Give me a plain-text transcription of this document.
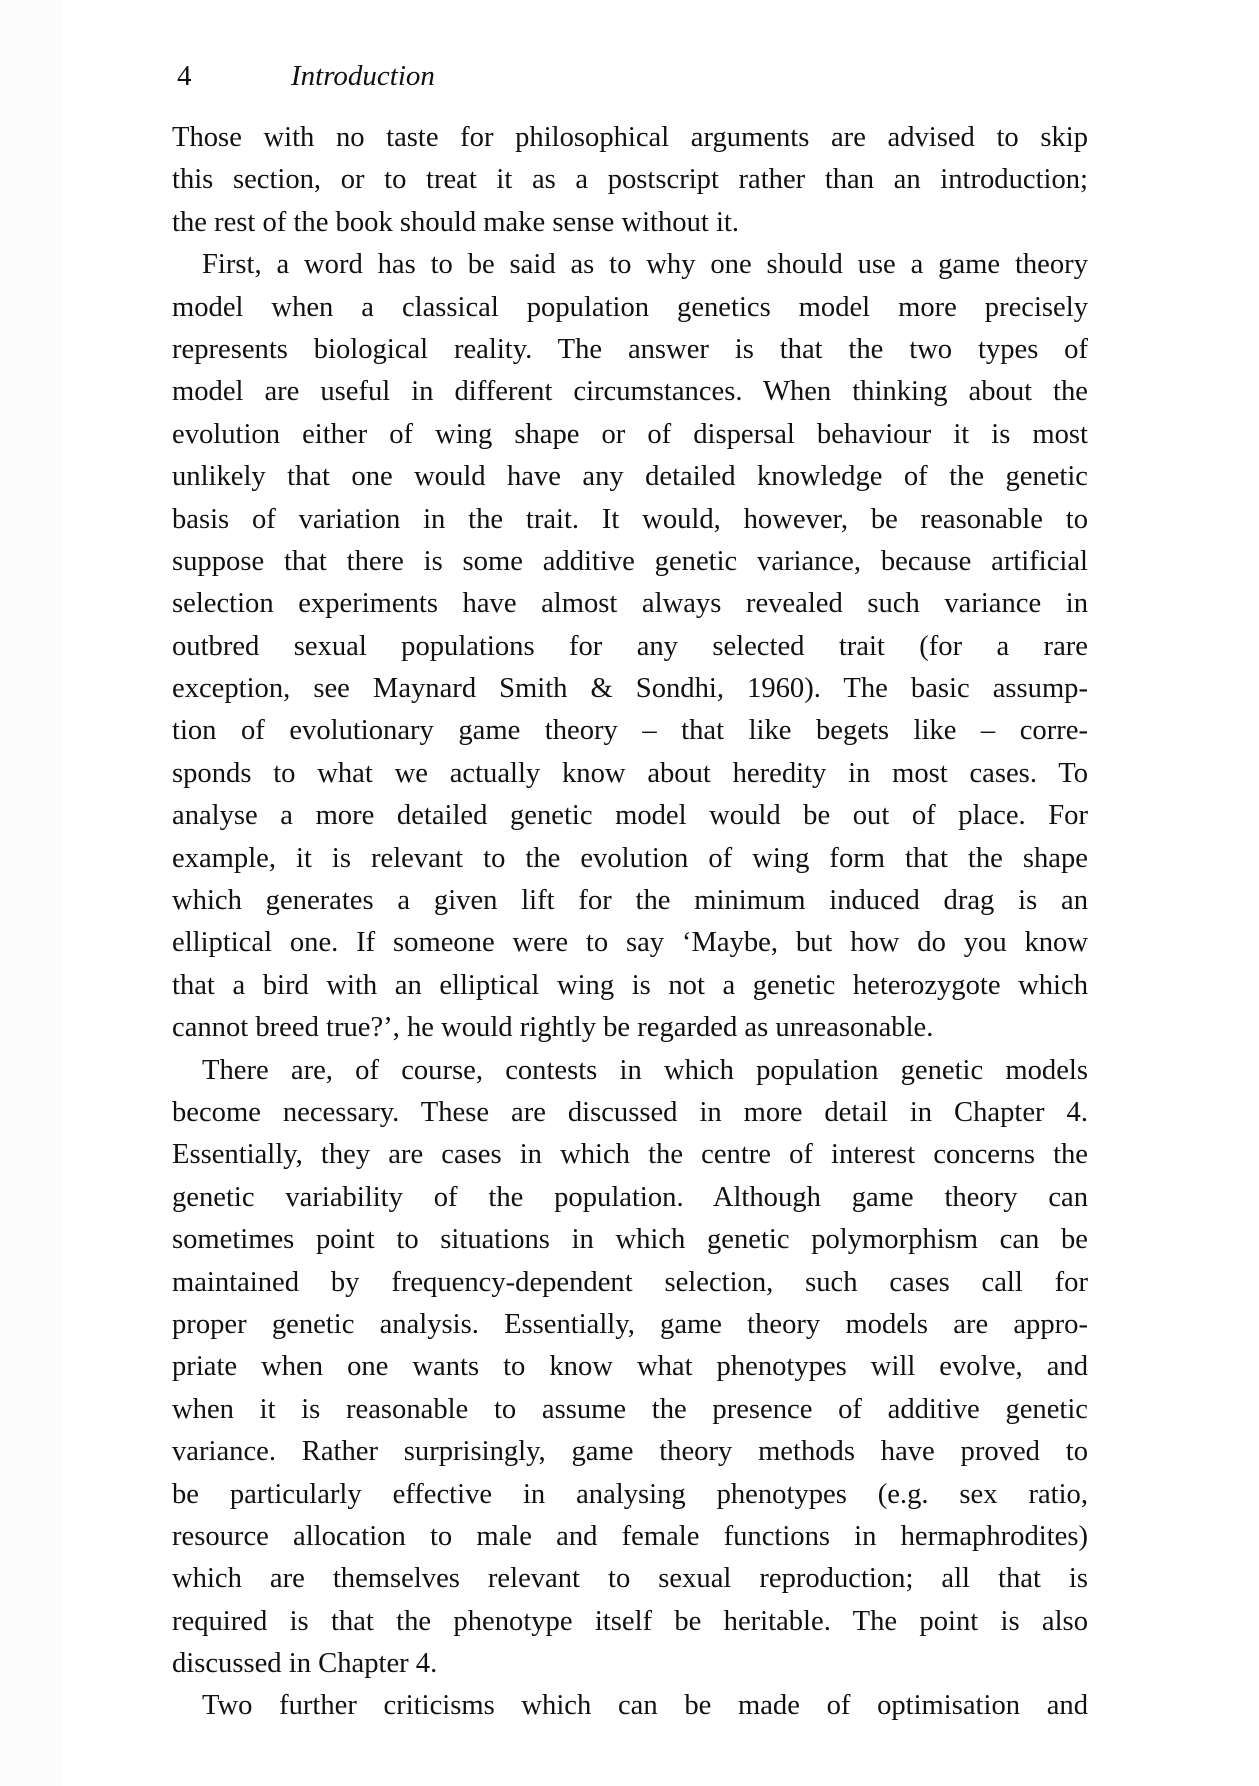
4	Introduction

Those with no taste for philosophical arguments are advised to skip
this section, or to treat it as a postscript rather than an introduction;
the rest of the book should make sense without it.

First, a word has to be said as to why one should use a game theory
model when a classical population genetics model more precisely
represents biological reality. The answer is that the two types of
model are useful in different circumstances. When thinking about the
evolution either of wing shape or of dispersal behaviour it is most
unlikely that one would have any detailed knowledge of the genetic
basis of variation in the trait. It would, however, be reasonable to
suppose that there is some additive genetic variance, because artificial
selection experiments have almost always revealed such variance in
outbred sexual populations for any selected trait (for a rare
exception, see Maynard Smith & Sondhi, 1960). The basic assump-
tion of evolutionary game theory – that like begets like – corre-
sponds to what we actually know about heredity in most cases. To
analyse a more detailed genetic model would be out of place. For
example, it is relevant to the evolution of wing form that the shape
which generates a given lift for the minimum induced drag is an
elliptical one. If someone were to say ‘Maybe, but how do you know
that a bird with an elliptical wing is not a genetic heterozygote which
cannot breed true?’, he would rightly be regarded as unreasonable.

There are, of course, contests in which population genetic models
become necessary. These are discussed in more detail in Chapter 4.
Essentially, they are cases in which the centre of interest concerns the
genetic variability of the population. Although game theory can
sometimes point to situations in which genetic polymorphism can be
maintained by frequency-dependent selection, such cases call for
proper genetic analysis. Essentially, game theory models are appro-
priate when one wants to know what phenotypes will evolve, and
when it is reasonable to assume the presence of additive genetic
variance. Rather surprisingly, game theory methods have proved to
be particularly effective in analysing phenotypes (e.g. sex ratio,
resource allocation to male and female functions in hermaphrodites)
which are themselves relevant to sexual reproduction; all that is
required is that the phenotype itself be heritable. The point is also
discussed in Chapter 4.

Two further criticisms which can be made of optimisation and
